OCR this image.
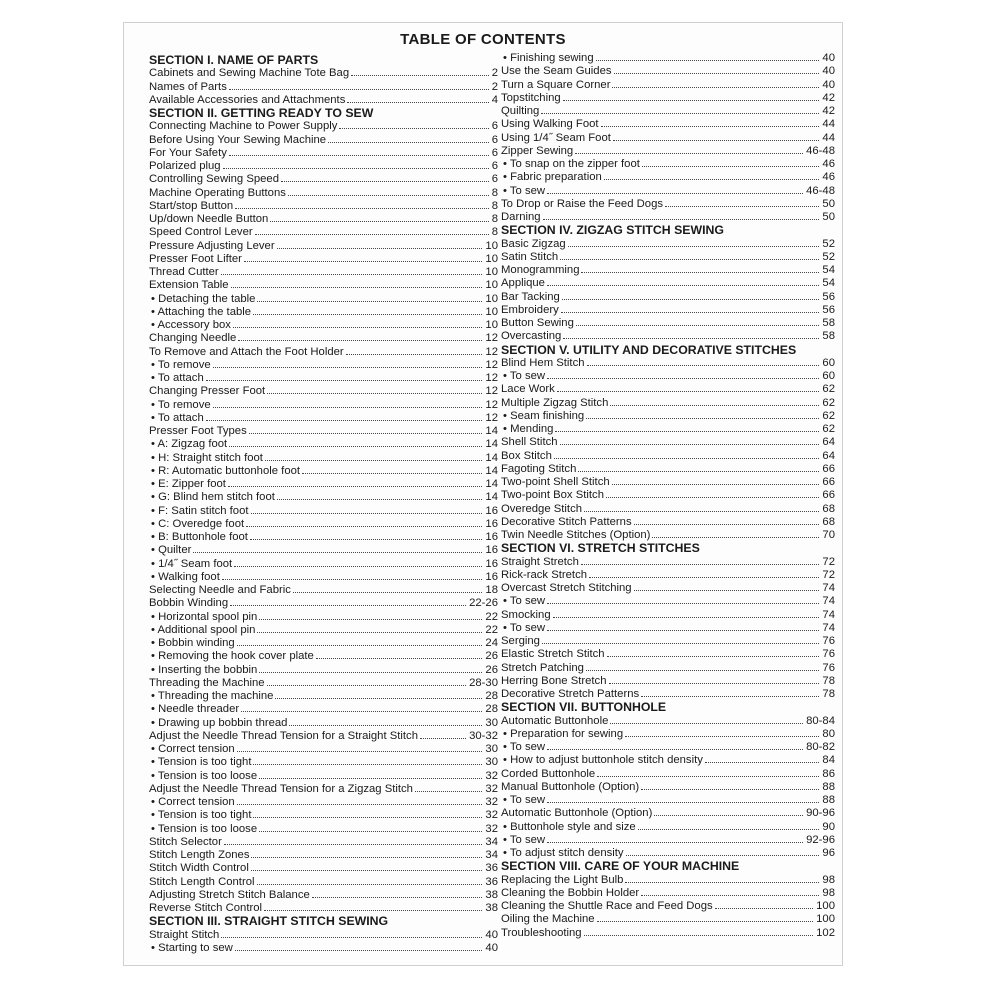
TABLE OF CONTENTS
SECTION I. NAME OF PARTS
Cabinets and Sewing Machine Tote Bag	2
Names of Parts	2
Available Accessories and Attachments	4
SECTION II. GETTING READY TO SEW
Connecting Machine to Power Supply	6
Before Using Your Sewing Machine	6
For Your Safety	6
Polarized plug	6
Controlling Sewing Speed	6
Machine Operating Buttons	8
Start/stop Button	8
Up/down Needle Button	8
Speed Control Lever	8
Pressure Adjusting Lever	10
Presser Foot Lifter	10
Thread Cutter	10
Extension Table	10
• Detaching the table	10
• Attaching the table	10
• Accessory box	10
Changing Needle	12
To Remove and Attach the Foot Holder	12
• To remove	12
• To attach	12
Changing Presser Foot	12
• To remove	12
• To attach	12
Presser Foot Types	14
• A: Zigzag foot	14
• H: Straight stitch foot	14
• R: Automatic buttonhole foot	14
• E: Zipper foot	14
• G: Blind hem stitch foot	14
• F: Satin stitch foot	16
• C: Overedge foot	16
• B: Buttonhole foot	16
• Quilter	16
• 1/4˝ Seam foot	16
• Walking foot	16
Selecting Needle and Fabric	18
Bobbin Winding	22-26
• Horizontal spool pin	22
• Additional spool pin	22
• Bobbin winding	24
• Removing the hook cover plate	26
• Inserting the bobbin	26
Threading the Machine	28-30
• Threading the machine	28
• Needle threader	28
• Drawing up bobbin thread	30
Adjust the Needle Thread Tension for a Straight Stitch	30-32
• Correct tension	30
• Tension is too tight	30
• Tension is too loose	32
Adjust the Needle Thread Tension for a Zigzag Stitch	32
• Correct tension	32
• Tension is too tight	32
• Tension is too loose	32
Stitch Selector	34
Stitch Length Zones	34
Stitch Width Control	36
Stitch Length Control	36
Adjusting Stretch Stitch Balance	38
Reverse Stitch Control	38
SECTION III. STRAIGHT STITCH SEWING
Straight Stitch	40
• Starting to sew	40
• Finishing sewing	40
Use the Seam Guides	40
Turn a Square Corner	40
Topstitching	42
Quilting	42
Using Walking Foot	44
Using 1/4˝ Seam Foot	44
Zipper Sewing	46-48
• To snap on the zipper foot	46
• Fabric preparation	46
• To sew	46-48
To Drop or Raise the Feed Dogs	50
Darning	50
SECTION IV. ZIGZAG STITCH SEWING
Basic Zigzag	52
Satin Stitch	52
Monogramming	54
Applique	54
Bar Tacking	56
Embroidery	56
Button Sewing	58
Overcasting	58
SECTION V. UTILITY AND DECORATIVE STITCHES
Blind Hem Stitch	60
• To sew	60
Lace Work	62
Multiple Zigzag Stitch	62
• Seam finishing	62
• Mending	62
Shell Stitch	64
Box Stitch	64
Fagoting Stitch	66
Two-point Shell Stitch	66
Two-point Box Stitch	66
Overedge Stitch	68
Decorative Stitch Patterns	68
Twin Needle Stitches (Option)	70
SECTION VI. STRETCH STITCHES
Straight Stretch	72
Rick-rack Stretch	72
Overcast Stretch Stitching	74
• To sew	74
Smocking	74
• To sew	74
Serging	76
Elastic Stretch Stitch	76
Stretch Patching	76
Herring Bone Stretch	78
Decorative Stretch Patterns	78
SECTION VII. BUTTONHOLE
Automatic Buttonhole	80-84
• Preparation for sewing	80
• To sew	80-82
• How to adjust buttonhole stitch density	84
Corded Buttonhole	86
Manual Buttonhole (Option)	88
• To sew	88
Automatic Buttonhole (Option)	90-96
• Buttonhole style and size	90
• To sew	92-96
• To adjust stitch density	96
SECTION VIII. CARE OF YOUR MACHINE
Replacing the Light Bulb	98
Cleaning the Bobbin Holder	98
Cleaning the Shuttle Race and Feed Dogs	100
Oiling the Machine	100
Troubleshooting	102
